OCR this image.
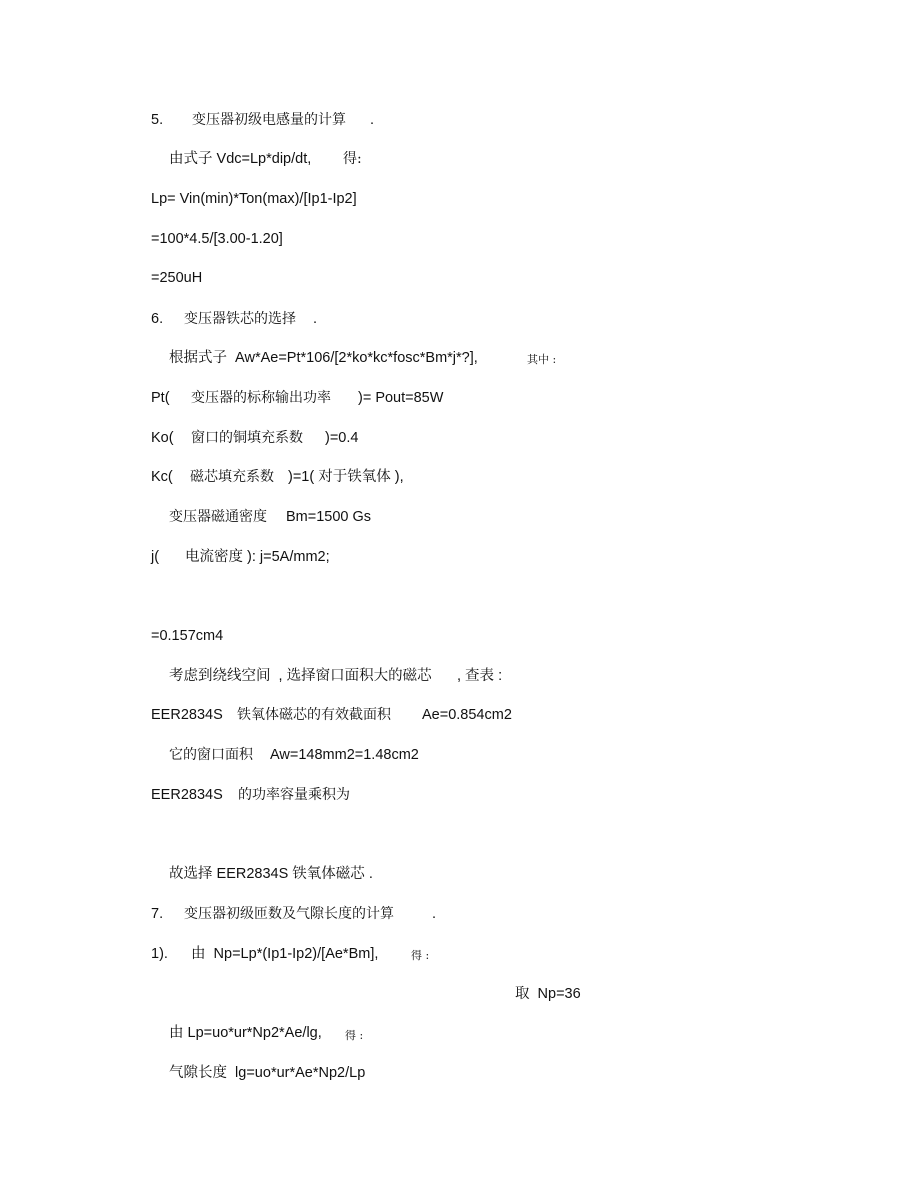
5. 变压器初级电感量的计算 .
由式子 Vdc=Lp*dip/dt, 得:
Lp= Vin(min)*Ton(max)/[Ip1-Ip2]
=100*4.5/[3.00-1.20]
=250uH
6. 变压器铁芯的选择 .
根据式子  Aw*Ae=Pt*106/[2*ko*kc*fosc*Bm*j*?],	其中 :
Pt( 变压器的标称输出功率 )= Pout=85W
Ko( 窗口的铜填充系数 )=0.4
Kc( 磁芯填充系数 )=1( 对于铁氧体 ),
变压器磁通密度 Bm=1500 Gs
j( 电流密度 ): j=5A/mm2;
=0.157cm4
考虑到绕线空间  , 选择窗口面积大的磁芯 , 查表 :
EER2834S 铁氧体磁芯的有效截面积 Ae=0.854cm2
它的窗口面积 Aw=148mm2=1.48cm2
EER2834S 的功率容量乘积为
故选择 EER2834S 铁氧体磁芯 .
7. 变压器初级匝数及气隙长度的计算	.
1). 由  Np=Lp*(Ip1-Ip2)/[Ae*Bm],	得 :
取  Np=36
由 Lp=uo*ur*Np2*Ae/lg, 得 :
气隙长度  lg=uo*ur*Ae*Np2/Lp
